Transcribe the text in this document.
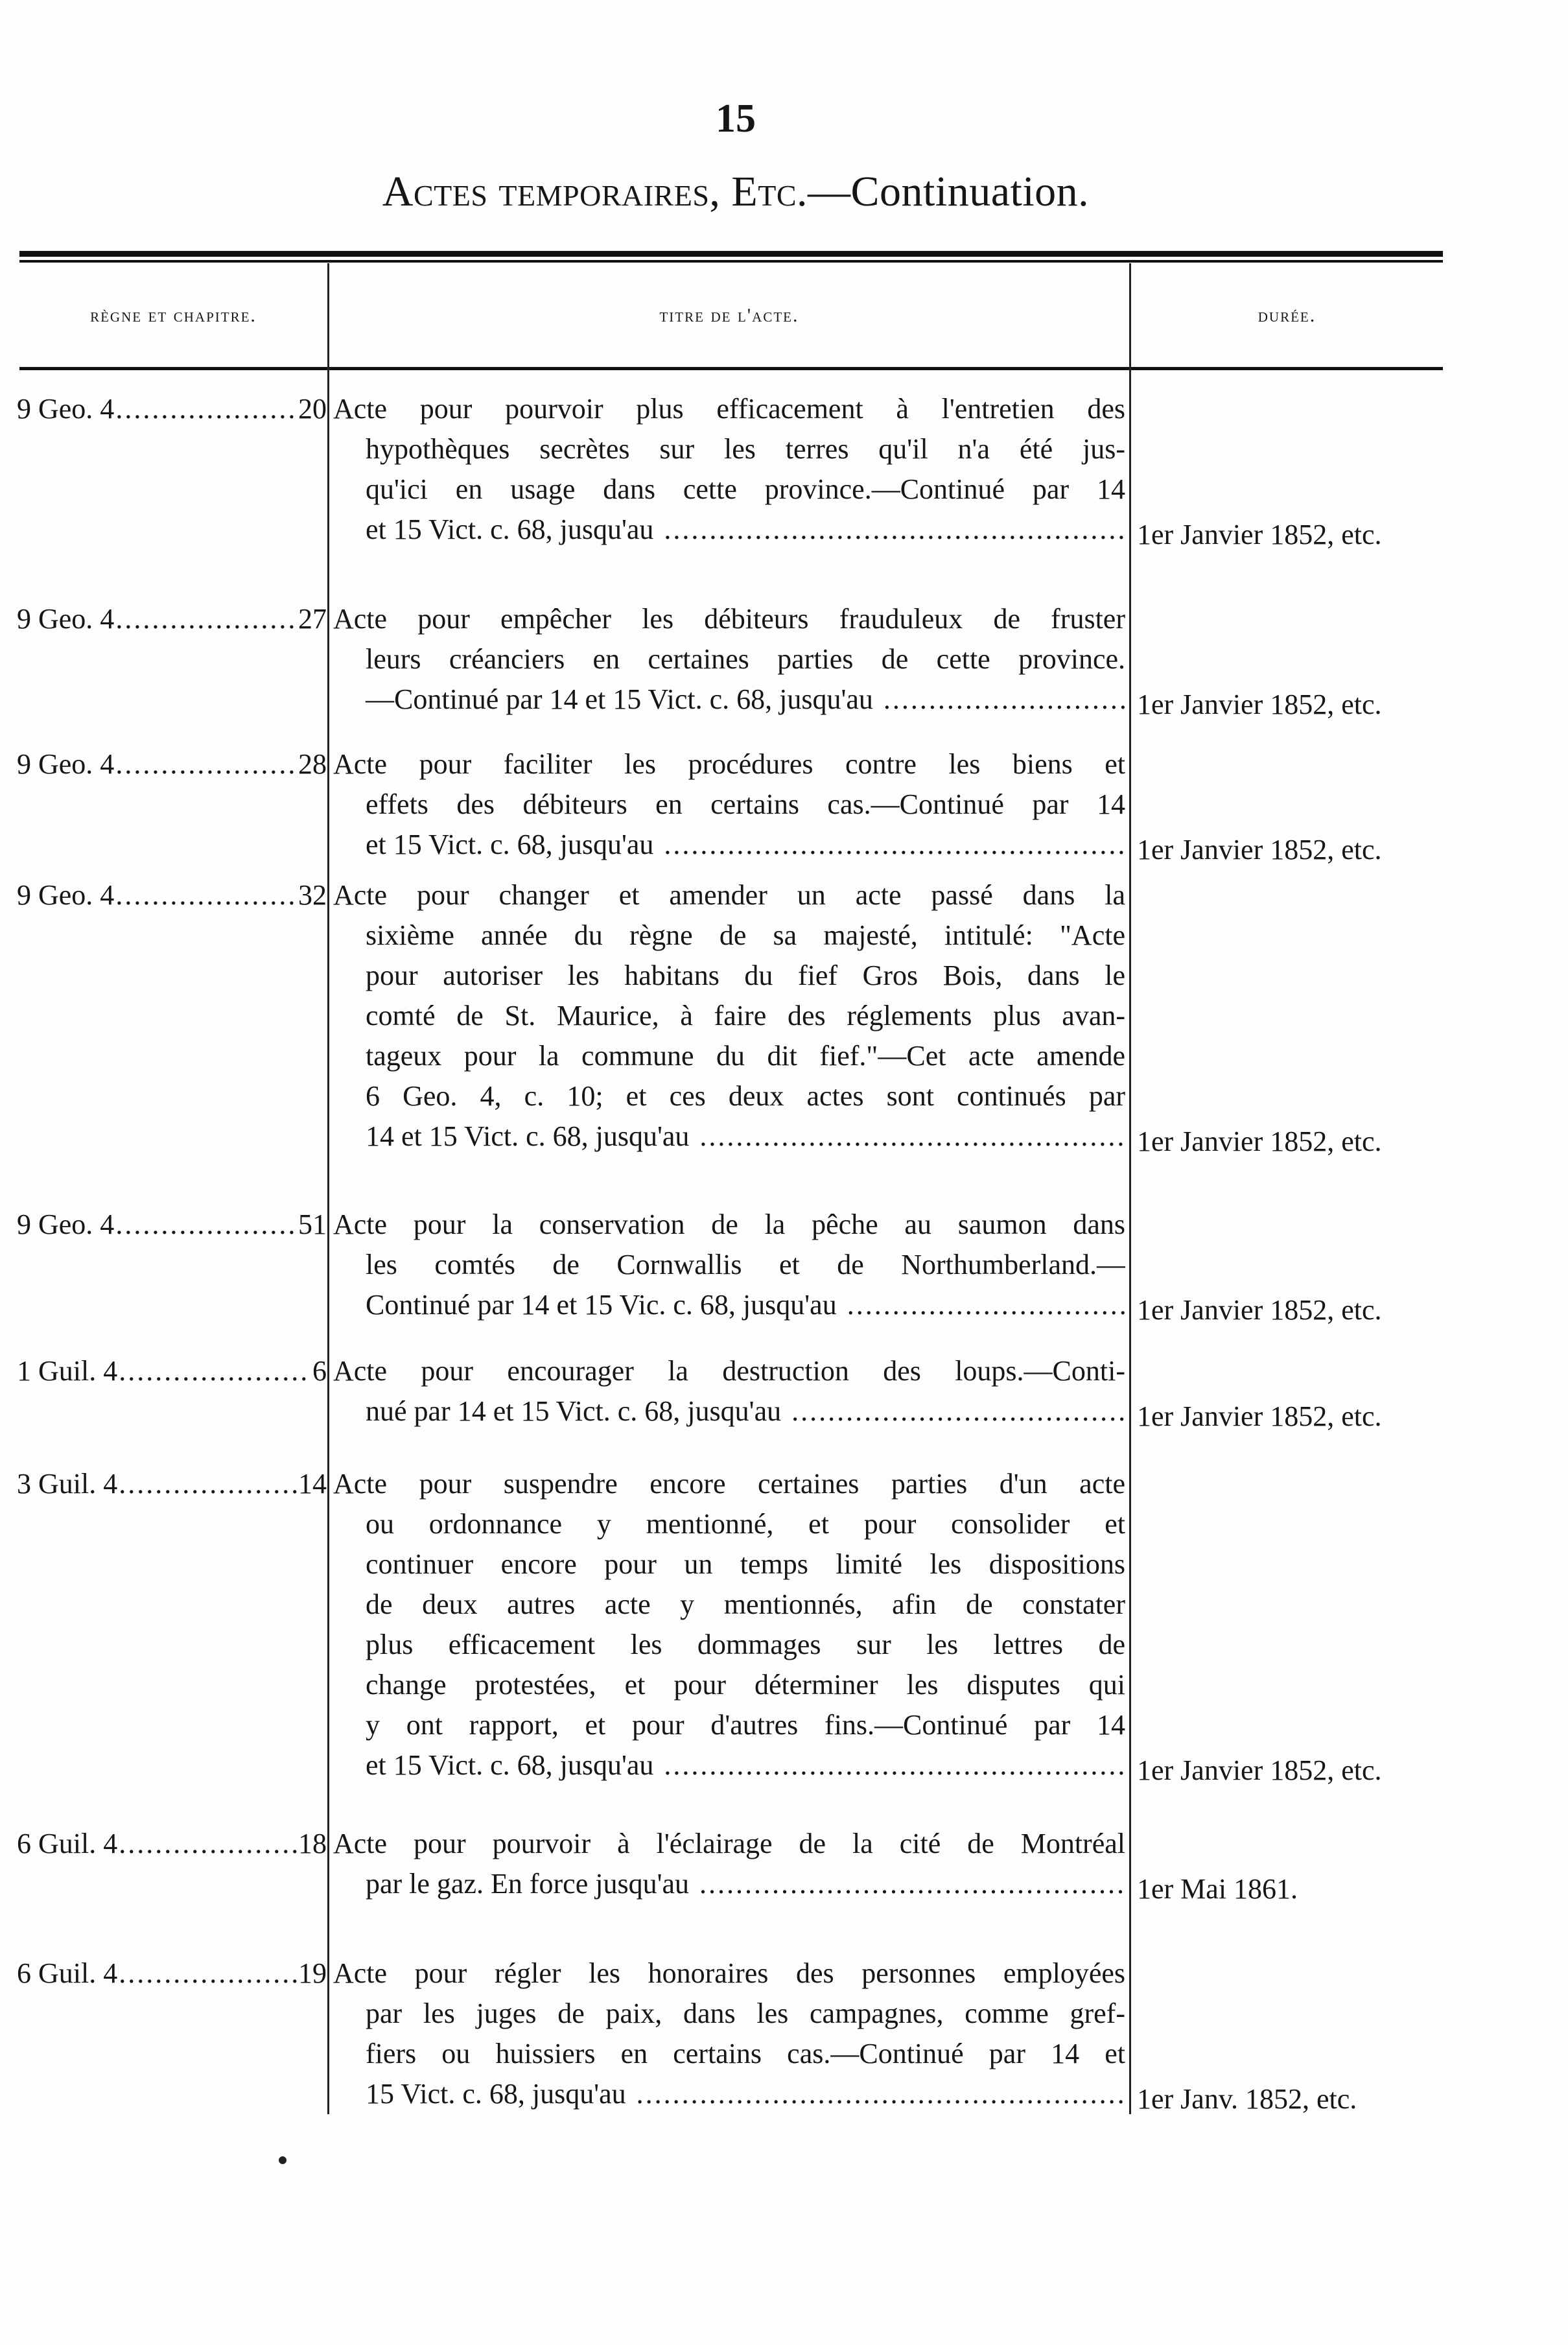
15
Actes temporaires, Etc.—Continuation.
règne et chapitre.	titre de l'acte.	durée.
9 Geo. 4 .....	20 Acte pour pourvoir plus efficacement à l'entretien des
hypothèques secrètes sur les terres qu'il n'a été jus-
qu'ici en usage dans cette province.—Continué par 14
et 15 Vict. c. 68, jusqu'au .....	1er Janvier 1852, etc.
9 Geo. 4 .....	27 Acte pour empêcher les débiteurs frauduleux de fruster
leurs créanciers en certaines parties de cette province.
—Continué par 14 et 15 Vict. c. 68, jusqu'au .....	1er Janvier 1852, etc.
9 Geo. 4 .....	28 Acte pour faciliter les procédures contre les biens et
effets des débiteurs en certains cas.—Continué par 14
et 15 Vict. c. 68, jusqu'au .....	1er Janvier 1852, etc.
9 Geo. 4 .....	32 Acte pour changer et amender un acte passé dans la
sixième année du règne de sa majesté, intitulé: "Acte
pour autoriser les habitans du fief Gros Bois, dans le
comté de St. Maurice, à faire des réglements plus avan-
tageux pour la commune du dit fief."—Cet acte amende
6 Geo. 4, c. 10; et ces deux actes sont continués par
14 et 15 Vict. c. 68, jusqu'au .....	1er Janvier 1852, etc.
9 Geo. 4 .....	51 Acte pour la conservation de la pêche au saumon dans
les comtés de Cornwallis et de Northumberland.—
Continué par 14 et 15 Vic. c. 68, jusqu'au .....	1er Janvier 1852, etc.
1 Guil. 4 .....	6 Acte pour encourager la destruction des loups.—Conti-
nué par 14 et 15 Vict. c. 68, jusqu'au .....	1er Janvier 1852, etc.
3 Guil. 4 .....	14 Acte pour suspendre encore certaines parties d'un acte
ou ordonnance y mentionné, et pour consolider et
continuer encore pour un temps limité les dispositions
de deux autres acte y mentionnés, afin de constater
plus efficacement les dommages sur les lettres de
change protestées, et pour déterminer les disputes qui
y ont rapport, et pour d'autres fins.—Continué par 14
et 15 Vict. c. 68, jusqu'au .....	1er Janvier 1852, etc.
6 Guil. 4 .....	18 Acte pour pourvoir à l'éclairage de la cité de Montréal
par le gaz. En force jusqu'au .....	1er Mai 1861.
6 Guil. 4 .....	19 Acte pour régler les honoraires des personnes employées
par les juges de paix, dans les campagnes, comme gref-
fiers ou huissiers en certains cas.—Continué par 14 et
15 Vict. c. 68, jusqu'au .....	1er Janv. 1852, etc.
